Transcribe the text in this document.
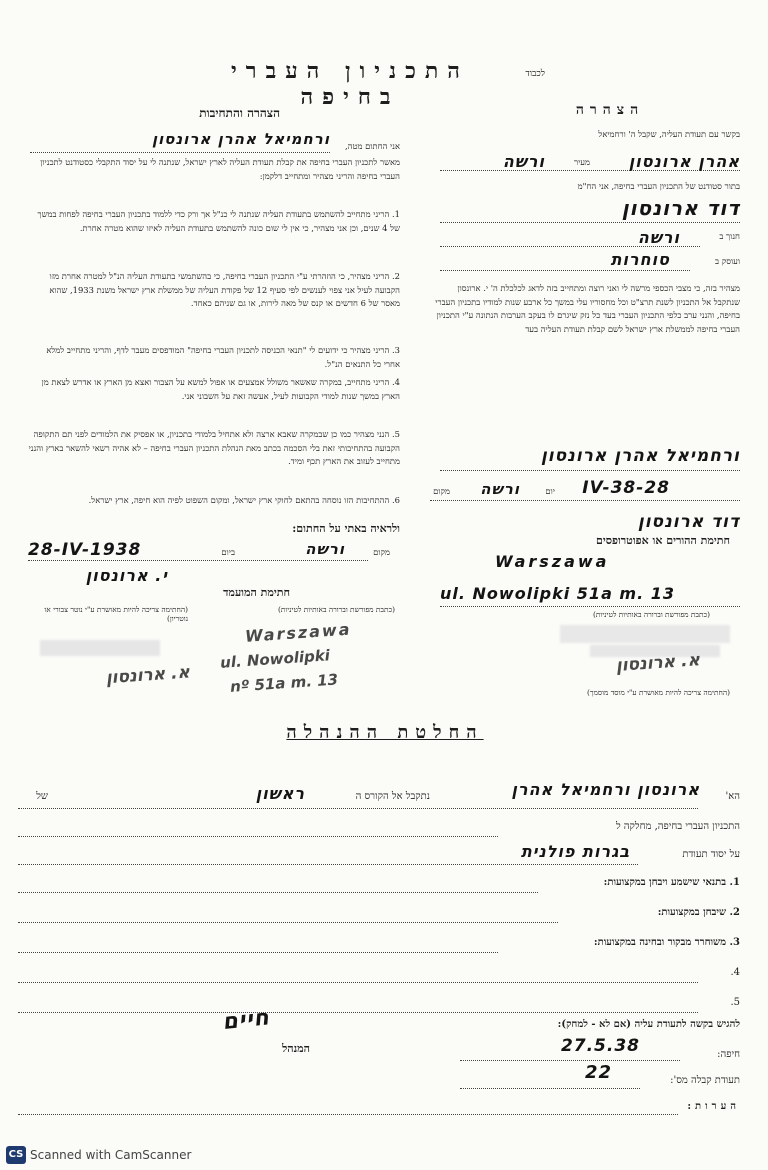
לכבוד
התכניון העברי בחיפה	הצהרה
בקשר עם תעודת העליה, שקבל ה' ורחמיאל
אהרן ארונסון
מעיר
ורשה
בתור סטודנט של התכניון העברי בחיפה, אני הח"מ
דוד ארונסון
חנוך ב
ורשה
ועוסק ב
סוחרות
מצהיר בזה, כי מצבי הכספי מרשה לי ואני רוצה ומתחייב בזה לדאג לכלכלת ה' י. ארונסון שנתקבל אל התכניון לשנת תרצ"ט וכל מחסוריו עלי במשך כל ארבע שנות למודיו בתכניון העברי בחיפה, והנני ערב כלפי התכניון העברי בעד כל נזק שיגרם לו בעקב הערבות הנתונה ע"י התכניון העברי בחיפה לממשלת ארץ ישראל לשם קבלת תעודת העליה בעד
ורחמיאל אהרן ארונסון
28-IV-38
יום
ורשה
מקום
דוד ארונסון
חתימת ההורים או אפוטרופסים
Warszawa
ul. Nowolipki 51a m. 13
(כתבת מפורשת וברורה באותיות לטיניות)
א. ארונסון
(החתימה צריכה להיות מאושרת ע"י מוסד מוסמך)
הצהרה והתחיבות
אני החתום מטה,
ורחמיאל אהרן ארונסון
מאשר לתכניון העברי בחיפה את קבלת תעודת העליה לארץ ישראל, שנתנה לי על יסוד התקבלי כסטודנט לתכניון העברי בחיפה והריני מצהיר ומתחייב דלקמן:
1. הריני מתחייב להשתמש בתעודת העליה שנתנה לי כנ"ל אך ורק כדי ללמוד בתכניון העברי בחיפה לפחות במשך של 4 שנים, וכן אני מצהיר, כי אין לי שום כונה להשתמש בתעודת העליה לאיזו שהוא מטרה אחרת.
2. הריני מצהיר, כי הוזהרתי ע"י התכניון העברי בחיפה, כי בהשתמשי בתעודת העליה הנ"ל למטרה אחרת מזו הקבועה לעיל אני צפוי לענשים לפי סעיף 12 של פקודת העליה של ממשלת ארץ ישראל משנת 1933, שהוא מאסר של 6 חדשים או קנס של מאה לירות, או גם שניהם כאחד.
3. הריני מצהיר כי ידועים לי "תנאי הכניסה לתכניון העברי בחיפה" המודפסים מעבר לדף, והריני מתחייב למלא אחרי כל התנאים הנ"ל.
4. הריני מתחייב, במקרה שאשאר משולל אמצעים או אפול למשא על הצבור ואצא מן הארץ או אדרש לצאת מן הארץ במשך שנות למודי הקבועות לעיל, אעשה זאת על חשבוני אני.
5. הנני מצהיר כמו כן שבמקרה שאבא ארצה ולא אתחיל בלמודי בתכניון, או אפסיק את הלמודים לפני תם התקופה הקבועה בהתחיבותי זאת בלי הסכמה בכתב מאת הנהלת התכניון העברי בחיפה – לא אהיה רשאי להשאר בארץ והנני מתחייב לעזוב את הארץ תכף ומיד.
6. ההתחיבות הזו נוסחה בהתאם לחוקי ארץ ישראל, ומקום השפוט לפיה הוא חיפה, ארץ ישראל.
ולראיה באתי על החתום:
מקום
ורשה
ביום
28-IV-1938
י. ארונסון
חתימת המועמד
(כתבת מפורשת וברורה באותיות לטיניות)
(החתימה צריכה להיות מאושרת ע"י נוטר צבורי או נוטריון)
Warszawa
ul. Nowolipki
nº 51a m. 13
א. ארונסון
החלטת ההנהלה
הא'
ארונסון ורחמיאל אהרן
נתקבל אל הקורס ה
ראשון
של
התכניון העברי בחיפה, מחלקה ל
על יסוד תעודת
בגרות פולנית
1. בתנאי שישמע ויבחן במקצועות:
2. שיבחן במקצועות:
3. משוחרר מבקור ובחינה במקצועות:
4.
5.
להגיש בקשה לתעודת עליה (אם לא - למחק):
חיים
המנהל	חיפה:
27.5.38
תעודת קבלה מס':
22
הערות:
CS Scanned with CamScanner
